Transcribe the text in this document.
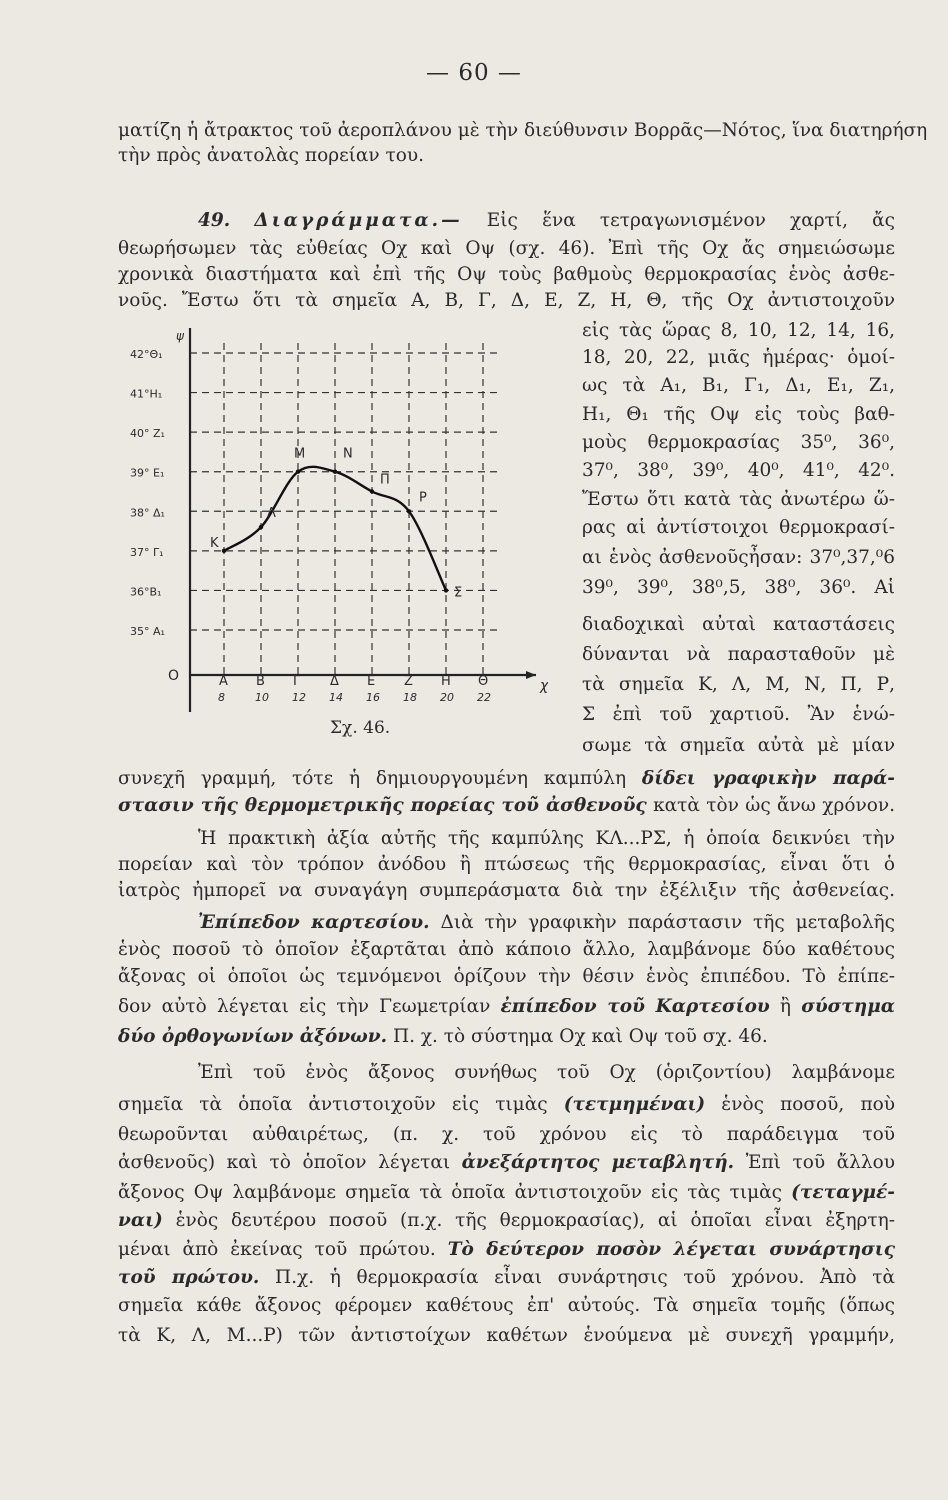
— 60 —
ματίζη ἡ ἄτρακτος τοῦ ἀεροπλάνου μὲ τὴν διεύθυνσιν Βορρᾶς—Νότος, ἵνα διατηρήση
τὴν πρὸς ἀνατολὰς πορείαν του.
49. Διαγράμματα.— Εἰς ἕνα τετραγωνισμένον χαρτί, ἄς
θεωρήσωμεν τὰς εὐθείας Οχ καὶ Οψ (σχ. 46). Ἐπὶ τῆς Οχ ἄς σημειώσωμε
χρονικὰ διαστήματα καὶ ἐπὶ τῆς Οψ τοὺς βαθμοὺς θερμοκρασίας ἑνὸς ἀσθε-
νοῦς. Ἔστω ὅτι τὰ σημεῖα Α, Β, Γ, Δ, Ε, Ζ, Η, Θ, τῆς Οχ ἀντιστοιχοῦν
εἰς τὰς ὥρας 8, 10, 12, 14, 16,
18, 20, 22, μιᾶς ἡμέρας· ὁμοί-
ως τὰ Α₁, Β₁, Γ₁, Δ₁, Ε₁, Ζ₁,
Η₁, Θ₁ τῆς Οψ εἰς τοὺς βαθ-
μοὺς θερμοκρασίας 35⁰, 36⁰,
37⁰, 38⁰, 39⁰, 40⁰, 41⁰, 42⁰.
Ἔστω ὅτι κατὰ τὰς ἀνωτέρω ὥ-
ρας αἱ ἀντίστοιχοι θερμοκρασί-
αι ἑνὸς ἀσθενοῦςἦσαν: 37⁰,37,⁰6
39⁰, 39⁰, 38⁰,5, 38⁰, 36⁰. Αἱ
διαδοχικαὶ αὐταὶ καταστάσεις
δύνανται νὰ παρασταθοῦν μὲ
τὰ σημεῖα Κ, Λ, Μ, Ν, Π, Ρ,
Σ ἐπὶ τοῦ χαρτιοῦ. Ἂν ἑνώ-
σωμε τὰ σημεῖα αὐτὰ μὲ μίαν
42°Θ₁
41°Η₁
40° Ζ₁
39° Ε₁
38° Δ₁
37° Γ₁
36°Β₁
35° Α₁
ψ
χ
Ο	Α
8
Β
10
Γ
12
Δ
14
Ε
16
Ζ
18
Η
20
Θ
22
Κ
Λ
Μ	Ν
Π
Ρ
Σ
Σχ. 46.
συνεχῆ γραμμή, τότε ἡ δημιουργουμένη καμπύλη δίδει γραφικὴν παρά-
στασιν τῆς θερμομετρικῆς πορείας τοῦ ἀσθενοῦς κατὰ τὸν ὡς ἄνω χρόνον.
Ἡ πρακτικὴ ἀξία αὐτῆς τῆς καμπύλης ΚΛ...ΡΣ, ἡ ὁποία δεικνύει τὴν
πορείαν καὶ τὸν τρόπον ἀνόδου ἢ πτώσεως τῆς θερμοκρασίας, εἶναι ὅτι ὁ
ἰατρὸς ἠμπορεῖ να συναγάγη συμπεράσματα διὰ την ἐξέλιξιν τῆς ἀσθενείας.
Ἐπίπεδον καρτεσίου. Διὰ τὴν γραφικὴν παράστασιν τῆς μεταβολῆς
ἑνὸς ποσοῦ τὸ ὁποῖον ἐξαρτᾶται ἀπὸ κάποιο ἄλλο, λαμβάνομε δύο καθέτους
ἄξονας οἱ ὁποῖοι ὡς τεμνόμενοι ὁρίζουν τὴν θέσιν ἑνὸς ἐπιπέδου. Τὸ ἐπίπε-
δον αὐτὸ λέγεται εἰς τὴν Γεωμετρίαν ἐπίπεδον τοῦ Καρτεσίου ἢ σύστημα
δύο ὀρθογωνίων ἀξόνων. Π. χ. τὸ σύστημα Οχ καὶ Οψ τοῦ σχ. 46.
Ἐπὶ τοῦ ἑνὸς ἄξονος συνήθως τοῦ Οχ (ὁριζοντίου) λαμβάνομε
σημεῖα τὰ ὁποῖα ἀντιστοιχοῦν εἰς τιμὰς (τετμημέναι) ἑνὸς ποσοῦ, ποὺ
θεωροῦνται αὐθαιρέτως, (π. χ. τοῦ χρόνου εἰς τὸ παράδειγμα τοῦ
ἀσθενοῦς) καὶ τὸ ὁποῖον λέγεται ἀνεξάρτητος μεταβλητή. Ἐπὶ τοῦ ἄλλου
ἄξονος Οψ λαμβάνομε σημεῖα τὰ ὁποῖα ἀντιστοιχοῦν εἰς τὰς τιμὰς (τεταγμέ-
ναι) ἑνὸς δευτέρου ποσοῦ (π.χ. τῆς θερμοκρασίας), αἱ ὁποῖαι εἶναι ἐξηρτη-
μέναι ἀπὸ ἐκείνας τοῦ πρώτου. Τὸ δεύτερον ποσὸν λέγεται συνάρτησις
τοῦ πρώτου. Π.χ. ἡ θερμοκρασία εἶναι συνάρτησις τοῦ χρόνου. Ἀπὸ τὰ
σημεῖα κάθε ἄξονος φέρομεν καθέτους ἐπ' αὐτούς. Τὰ σημεῖα τομῆς (ὅπως
τὰ Κ, Λ, Μ...Ρ) τῶν ἀντιστοίχων καθέτων ἑνούμενα μὲ συνεχῆ γραμμήν,
